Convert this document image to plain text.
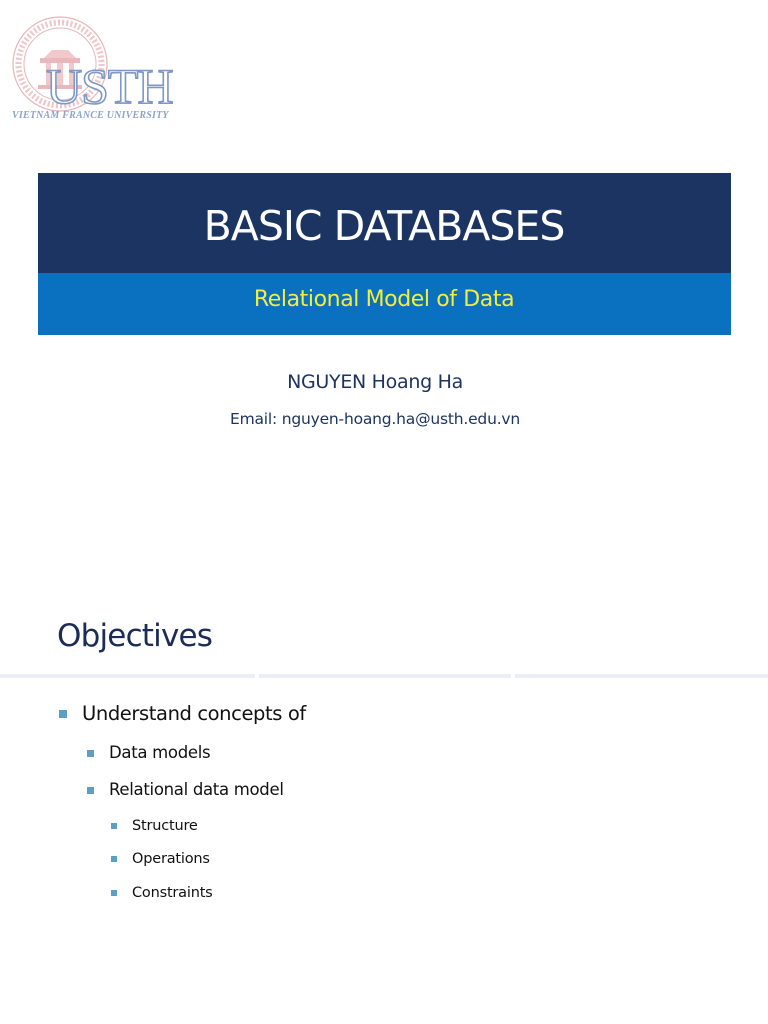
USTH
VIETNAM FRANCE UNIVERSITY
BASIC DATABASES
Relational Model of Data
NGUYEN Hoang Ha
Email: nguyen-hoang.ha@usth.edu.vn
Objectives
Understand concepts of
Data models
Relational data model
Structure
Operations
Constraints
